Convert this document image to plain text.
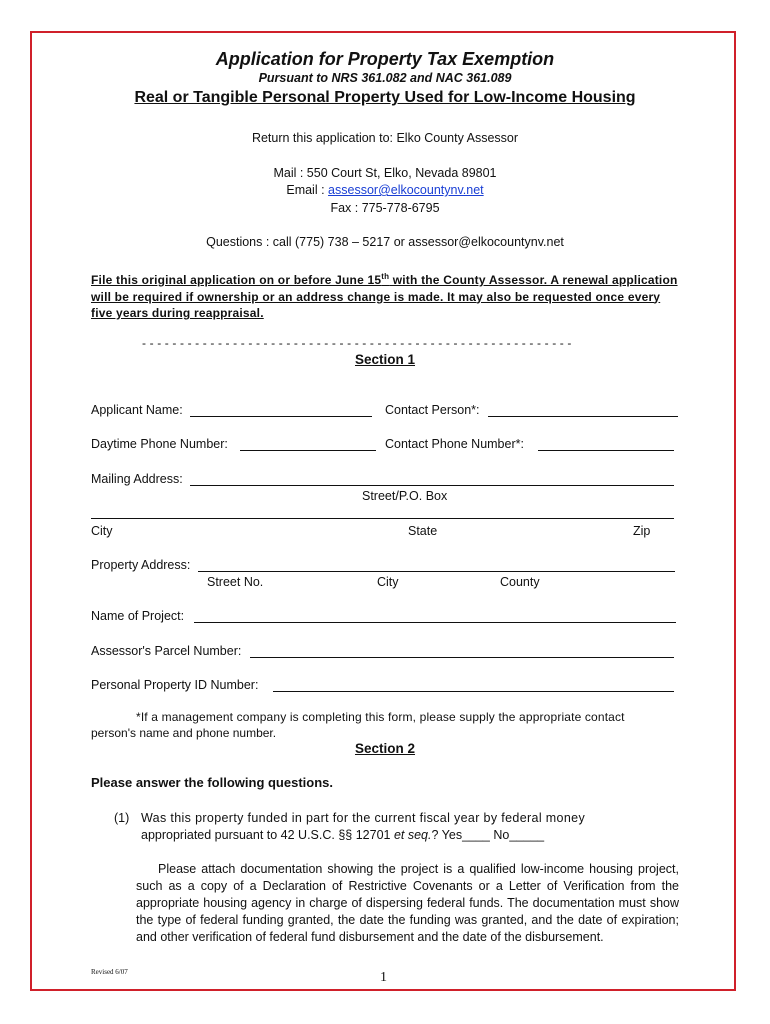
Application for Property Tax Exemption
Pursuant to NRS 361.082 and NAC 361.089
Real or Tangible Personal Property Used for Low-Income Housing
Return this application to: Elko County Assessor
Mail : 550 Court St, Elko, Nevada 89801
Email : assessor@elkocountynv.net
Fax : 775-778-6795
Questions : call (775) 738 – 5217 or assessor@elkocountynv.net
File this original application on or before June 15th with the County Assessor. A renewal application will be required if ownership or an address change is made. It may also be requested once every five years during reappraisal.
---------------------------------------------------------
Section 1
Applicant Name:	Contact Person*:
Daytime Phone Number:	Contact Phone Number*:
Mailing Address:
Street/P.O. Box
City	State	Zip
Property Address:
Street No.	City	County
Name of Project:
Assessor's Parcel Number:
Personal Property ID Number:
*If a management company is completing this form, please supply the appropriate contact
person's name and phone number.
Section 2
Please answer the following questions.
(1) Was this property funded in part for the current fiscal year by federal money
appropriated pursuant to 42 U.S.C. §§ 12701 et seq.? Yes____ No_____
Please attach documentation showing the project is a qualified low-income housing project, such as a copy of a Declaration of Restrictive Covenants or a Letter of Verification from the appropriate housing agency in charge of dispersing federal funds. The documentation must show the type of federal funding granted, the date the funding was granted, and the date of expiration; and other verification of federal fund disbursement and the date of the disbursement.
Revised 6/07	1
